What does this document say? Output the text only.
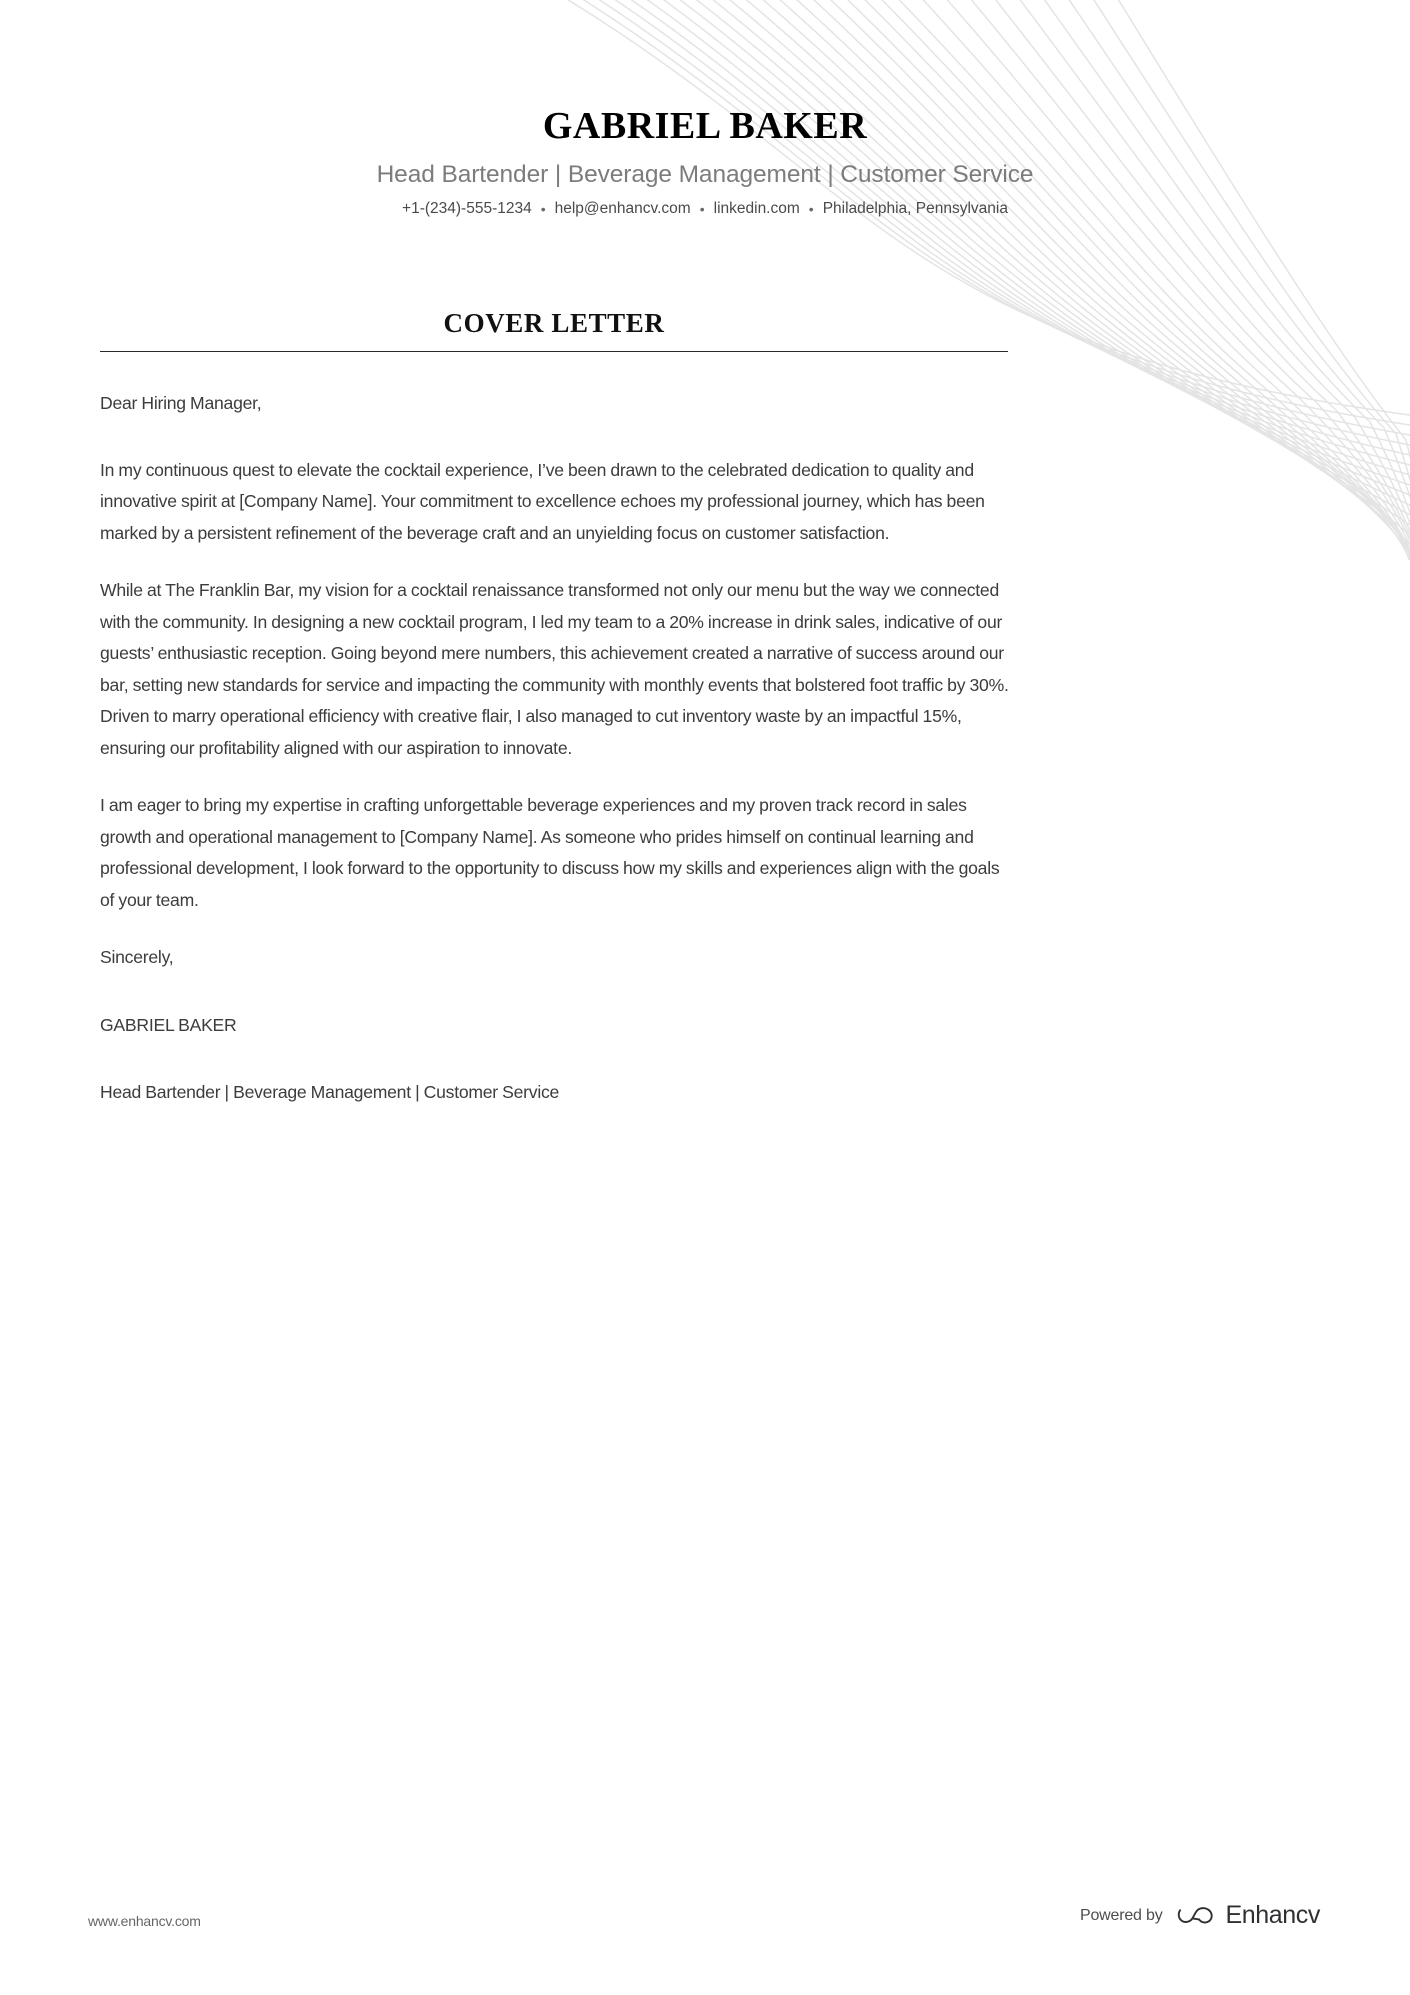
GABRIEL BAKER
Head Bartender | Beverage Management | Customer Service
+1-(234)-555-1234 • help@enhancv.com • linkedin.com • Philadelphia, Pennsylvania
COVER LETTER

Dear Hiring Manager,

In my continuous quest to elevate the cocktail experience, I’ve been drawn to the celebrated dedication to quality and innovative spirit at [Company Name]. Your commitment to excellence echoes my professional journey, which has been marked by a persistent refinement of the beverage craft and an unyielding focus on customer satisfaction.

While at The Franklin Bar, my vision for a cocktail renaissance transformed not only our menu but the way we connected with the community. In designing a new cocktail program, I led my team to a 20% increase in drink sales, indicative of our guests’ enthusiastic reception. Going beyond mere numbers, this achievement created a narrative of success around our bar, setting new standards for service and impacting the community with monthly events that bolstered foot traffic by 30%. Driven to marry operational efficiency with creative flair, I also managed to cut inventory waste by an impactful 15%, ensuring our profitability aligned with our aspiration to innovate.

I am eager to bring my expertise in crafting unforgettable beverage experiences and my proven track record in sales growth and operational management to [Company Name]. As someone who prides himself on continual learning and professional development, I look forward to the opportunity to discuss how my skills and experiences align with the goals of your team.

Sincerely,

GABRIEL BAKER

Head Bartender | Beverage Management | Customer Service

www.enhancv.com	Powered by	Enhancv
